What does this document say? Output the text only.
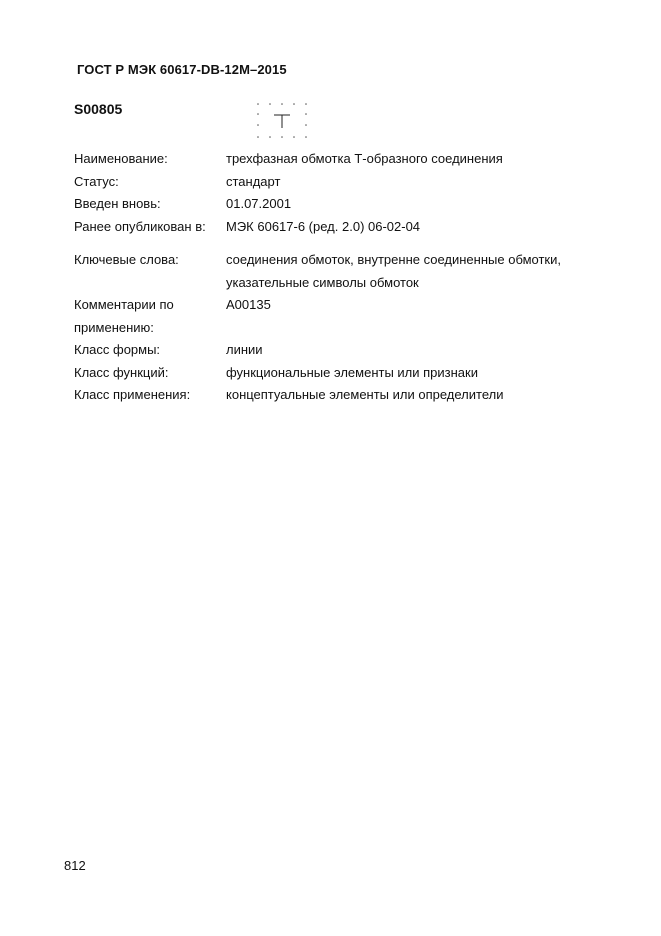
ГОСТ Р МЭК 60617-DB-12M–2015
S00805
Наименование:	трехфазная обмотка Т-образного соединения
Статус:	стандарт
Введен вновь:	01.07.2001
Ранее опубликован в:	МЭК 60617-6 (ред. 2.0) 06-02-04
Ключевые слова:	соединения обмоток, внутренне соединенные обмотки,
указательные символы обмоток
Комментарии по	А00135
применению:
Класс формы:	линии
Класс функций:	функциональные элементы или признаки
Класс применения:	концептуальные элементы или определители
812
